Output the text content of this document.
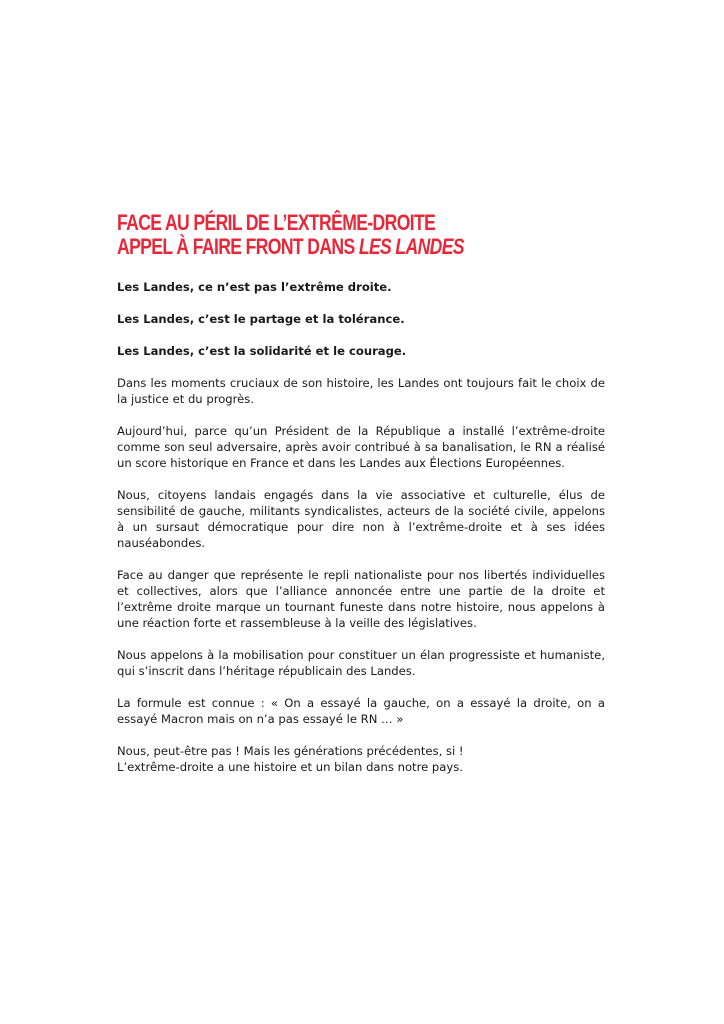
FACE AU PÉRIL DE L’EXTRÊME-DROITE
APPEL À FAIRE FRONT DANS LES LANDES

Les Landes, ce n’est pas l’extrême droite.

Les Landes, c’est le partage et la tolérance.

Les Landes, c’est la solidarité et le courage.

Dans les moments cruciaux de son histoire, les Landes ont toujours fait le choix de la justice et du progrès.

Aujourd’hui, parce qu’un Président de la République a installé l’extrême-droite comme son seul adversaire, après avoir contribué à sa banalisation, le RN a réalisé un score historique en France et dans les Landes aux Élections Européennes.

Nous, citoyens landais engagés dans la vie associative et culturelle, élus de sensibilité de gauche, militants syndicalistes, acteurs de la société civile, appelons à un sursaut démocratique pour dire non à l’extrême-droite et à ses idées nauséabondes.

Face au danger que représente le repli nationaliste pour nos libertés individuelles et collectives, alors que l’alliance annoncée entre une partie de la droite et l’extrême droite marque un tournant funeste dans notre histoire, nous appelons à une réaction forte et rassembleuse à la veille des législatives.

Nous appelons à la mobilisation pour constituer un élan progressiste et humaniste, qui s’inscrit dans l’héritage républicain des Landes.

La formule est connue : « On a essayé la gauche, on a essayé la droite, on a essayé Macron mais on n’a pas essayé le RN … »

Nous, peut-être pas ! Mais les générations précédentes, si !
L’extrême-droite a une histoire et un bilan dans notre pays.
